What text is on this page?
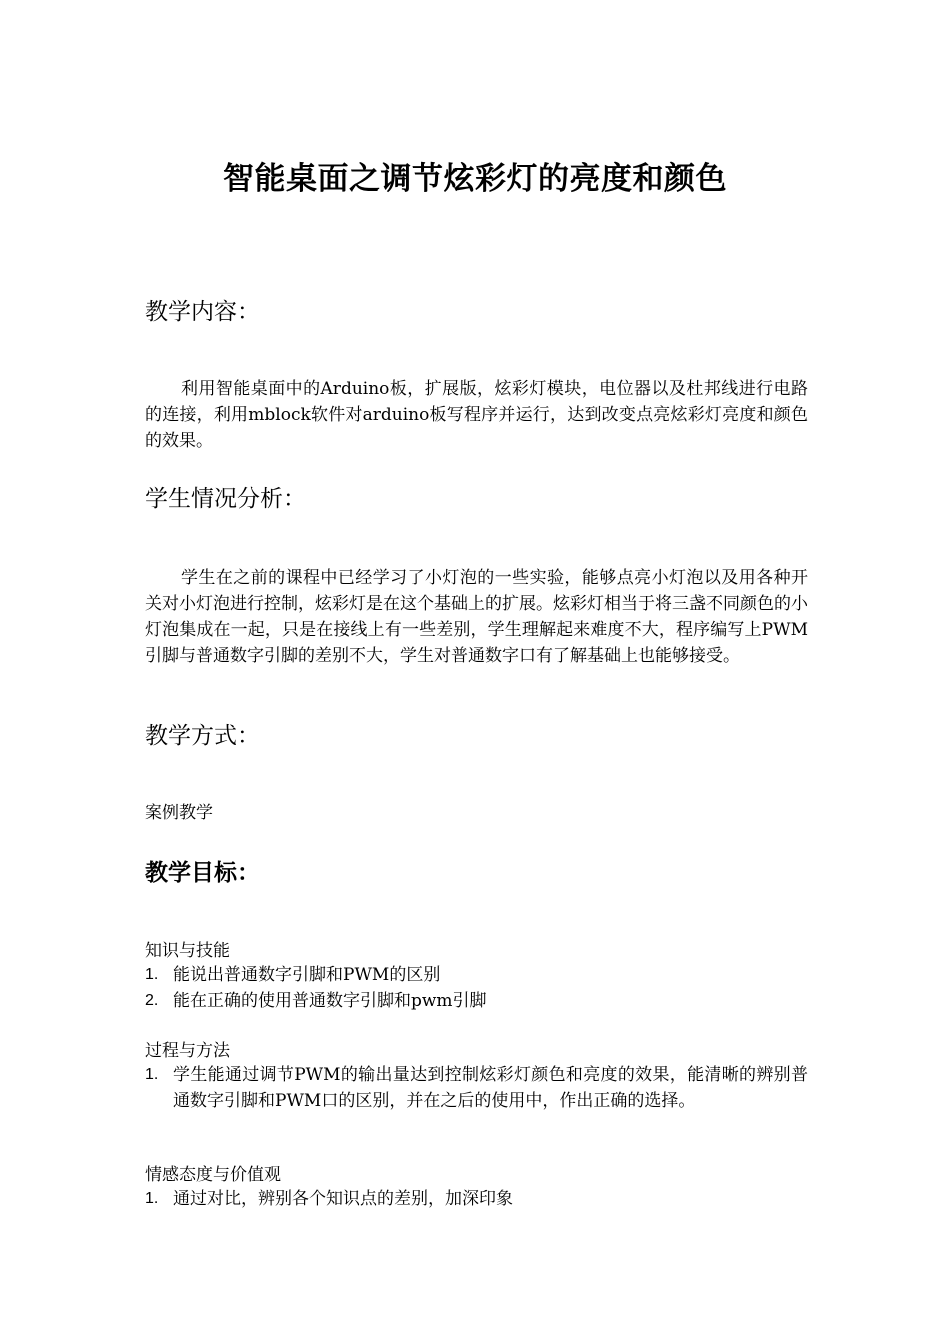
智能桌面之调节炫彩灯的亮度和颜色
教学内容：
利用智能桌面中的Arduino板，扩展版，炫彩灯模块，电位器以及杜邦线进行电路的连接，利用mblock软件对arduino板写程序并运行，达到改变点亮炫彩灯亮度和颜色的效果。
学生情况分析：
学生在之前的课程中已经学习了小灯泡的一些实验，能够点亮小灯泡以及用各种开关对小灯泡进行控制，炫彩灯是在这个基础上的扩展。炫彩灯相当于将三盏不同颜色的小灯泡集成在一起，只是在接线上有一些差别，学生理解起来难度不大，程序编写上PWM引脚与普通数字引脚的差别不大，学生对普通数字口有了解基础上也能够接受。
教学方式：
案例教学
教学目标：
知识与技能
1. 能说出普通数字引脚和PWM的区别
2. 能在正确的使用普通数字引脚和pwm引脚
过程与方法
1. 学生能通过调节PWM的输出量达到控制炫彩灯颜色和亮度的效果，能清晰的辨别普通数字引脚和PWM口的区别，并在之后的使用中，作出正确的选择。
情感态度与价值观
1. 通过对比，辨别各个知识点的差别，加深印象
